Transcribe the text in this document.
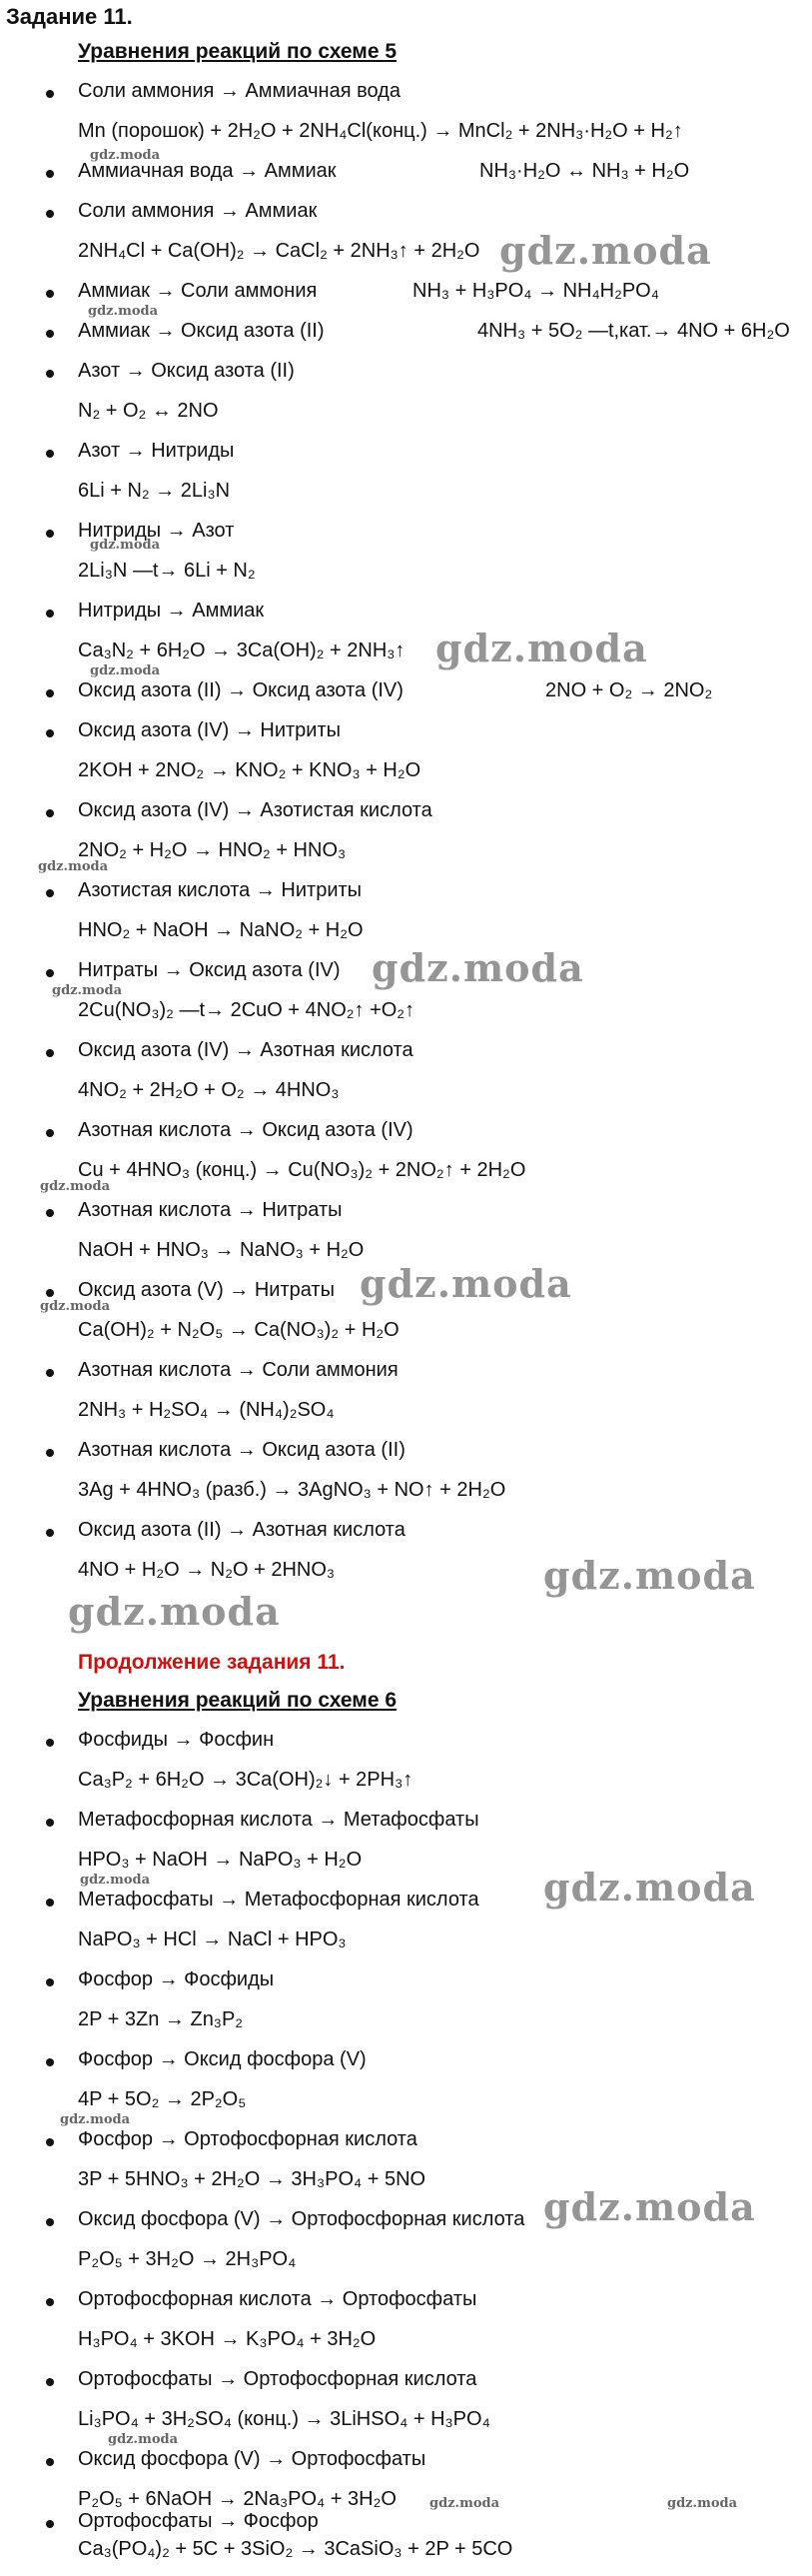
Задание 11.
Уравнения реакций по схеме 5
Соли аммония → Аммиачная вода
Mn (порошок) + 2H₂O + 2NH₄Cl(конц.) → MnCl₂ + 2NH₃·H₂O + H₂↑
Аммиачная вода → Аммиак	NH₃·H₂O ↔ NH₃ + H₂O
Соли аммония → Аммиак
2NH₄Cl + Ca(OH)₂ → CaCl₂ + 2NH₃↑ + 2H₂O
Аммиак → Соли аммония	NH₃ + H₃PO₄ → NH₄H₂PO₄
Аммиак → Оксид азота (II)	4NH₃ + 5O₂ —t,кат.→ 4NO + 6H₂O
Азот → Оксид азота (II)
N₂ + O₂ ↔ 2NO
Азот → Нитриды
6Li + N₂ → 2Li₃N
Нитриды → Азот
2Li₃N —t→ 6Li + N₂
Нитриды → Аммиак
Ca₃N₂ + 6H₂O → 3Ca(OH)₂ + 2NH₃↑
Оксид азота (II) → Оксид азота (IV)	2NO + O₂ → 2NO₂
Оксид азота (IV) → Нитриты
2KOH + 2NO₂ → KNO₂ + KNO₃ + H₂O
Оксид азота (IV) → Азотистая кислота
2NO₂ + H₂O → HNO₂ + HNO₃
Азотистая кислота → Нитриты
HNO₂ + NaOH → NaNO₂ + H₂O
Нитраты → Оксид азота (IV)
2Cu(NO₃)₂ —t→ 2CuO + 4NO₂↑ +O₂↑
Оксид азота (IV) → Азотная кислота
4NO₂ + 2H₂O + O₂ → 4HNO₃
Азотная кислота → Оксид азота (IV)
Cu + 4HNO₃ (конц.) → Cu(NO₃)₂ + 2NO₂↑ + 2H₂O
Азотная кислота → Нитраты
NaOH + HNO₃ → NaNO₃ + H₂O
Оксид азота (V) → Нитраты
Ca(OH)₂ + N₂O₅ → Ca(NO₃)₂ + H₂O
Азотная кислота → Соли аммония
2NH₃ + H₂SO₄ → (NH₄)₂SO₄
Азотная кислота → Оксид азота (II)
3Ag + 4HNO₃ (разб.) → 3AgNO₃ + NO↑ + 2H₂O
Оксид азота (II) → Азотная кислота
4NO + H₂O → N₂O + 2HNO₃
Продолжение задания 11.
Уравнения реакций по схеме 6
Фосфиды → Фосфин
Ca₃P₂ + 6H₂O → 3Ca(OH)₂↓ + 2PH₃↑
Метафосфорная кислота → Метафосфаты
HPO₃ + NaOH → NaPO₃ + H₂O
Метафосфаты → Метафосфорная кислота
NaPO₃ + HCl → NaCl + HPO₃
Фосфор → Фосфиды
2P + 3Zn → Zn₃P₂
Фосфор → Оксид фосфора (V)
4P + 5O₂ → 2P₂O₅
Фосфор → Ортофосфорная кислота
3P + 5HNO₃ + 2H₂O → 3H₃PO₄ + 5NO
Оксид фосфора (V) → Ортофосфорная кислота
P₂O₅ + 3H₂O → 2H₃PO₄
Ортофосфорная кислота → Ортофосфаты
H₃PO₄ + 3KOH → K₃PO₄ + 3H₂O
Ортофосфаты → Ортофосфорная кислота
Li₃PO₄ + 3H₂SO₄ (конц.) → 3LiHSO₄ + H₃PO₄
Оксид фосфора (V) → Ортофосфаты
P₂O₅ + 6NaOH → 2Na₃PO₄ + 3H₂O
Ортофосфаты → Фосфор
Ca₃(PO₄)₂ + 5C + 3SiO₂ → 3CaSiO₃ + 2P + 5CO
gdz.moda
gdz.moda
gdz.moda
gdz.moda
gdz.moda
gdz.moda
gdz.moda
gdz.moda
gdz.moda
gdz.moda
gdz.moda
gdz.moda
gdz.moda
gdz.moda
gdz.moda	gdz.moda
gdz.moda
gdz.moda
gdz.moda
gdz.moda	gdz.moda
